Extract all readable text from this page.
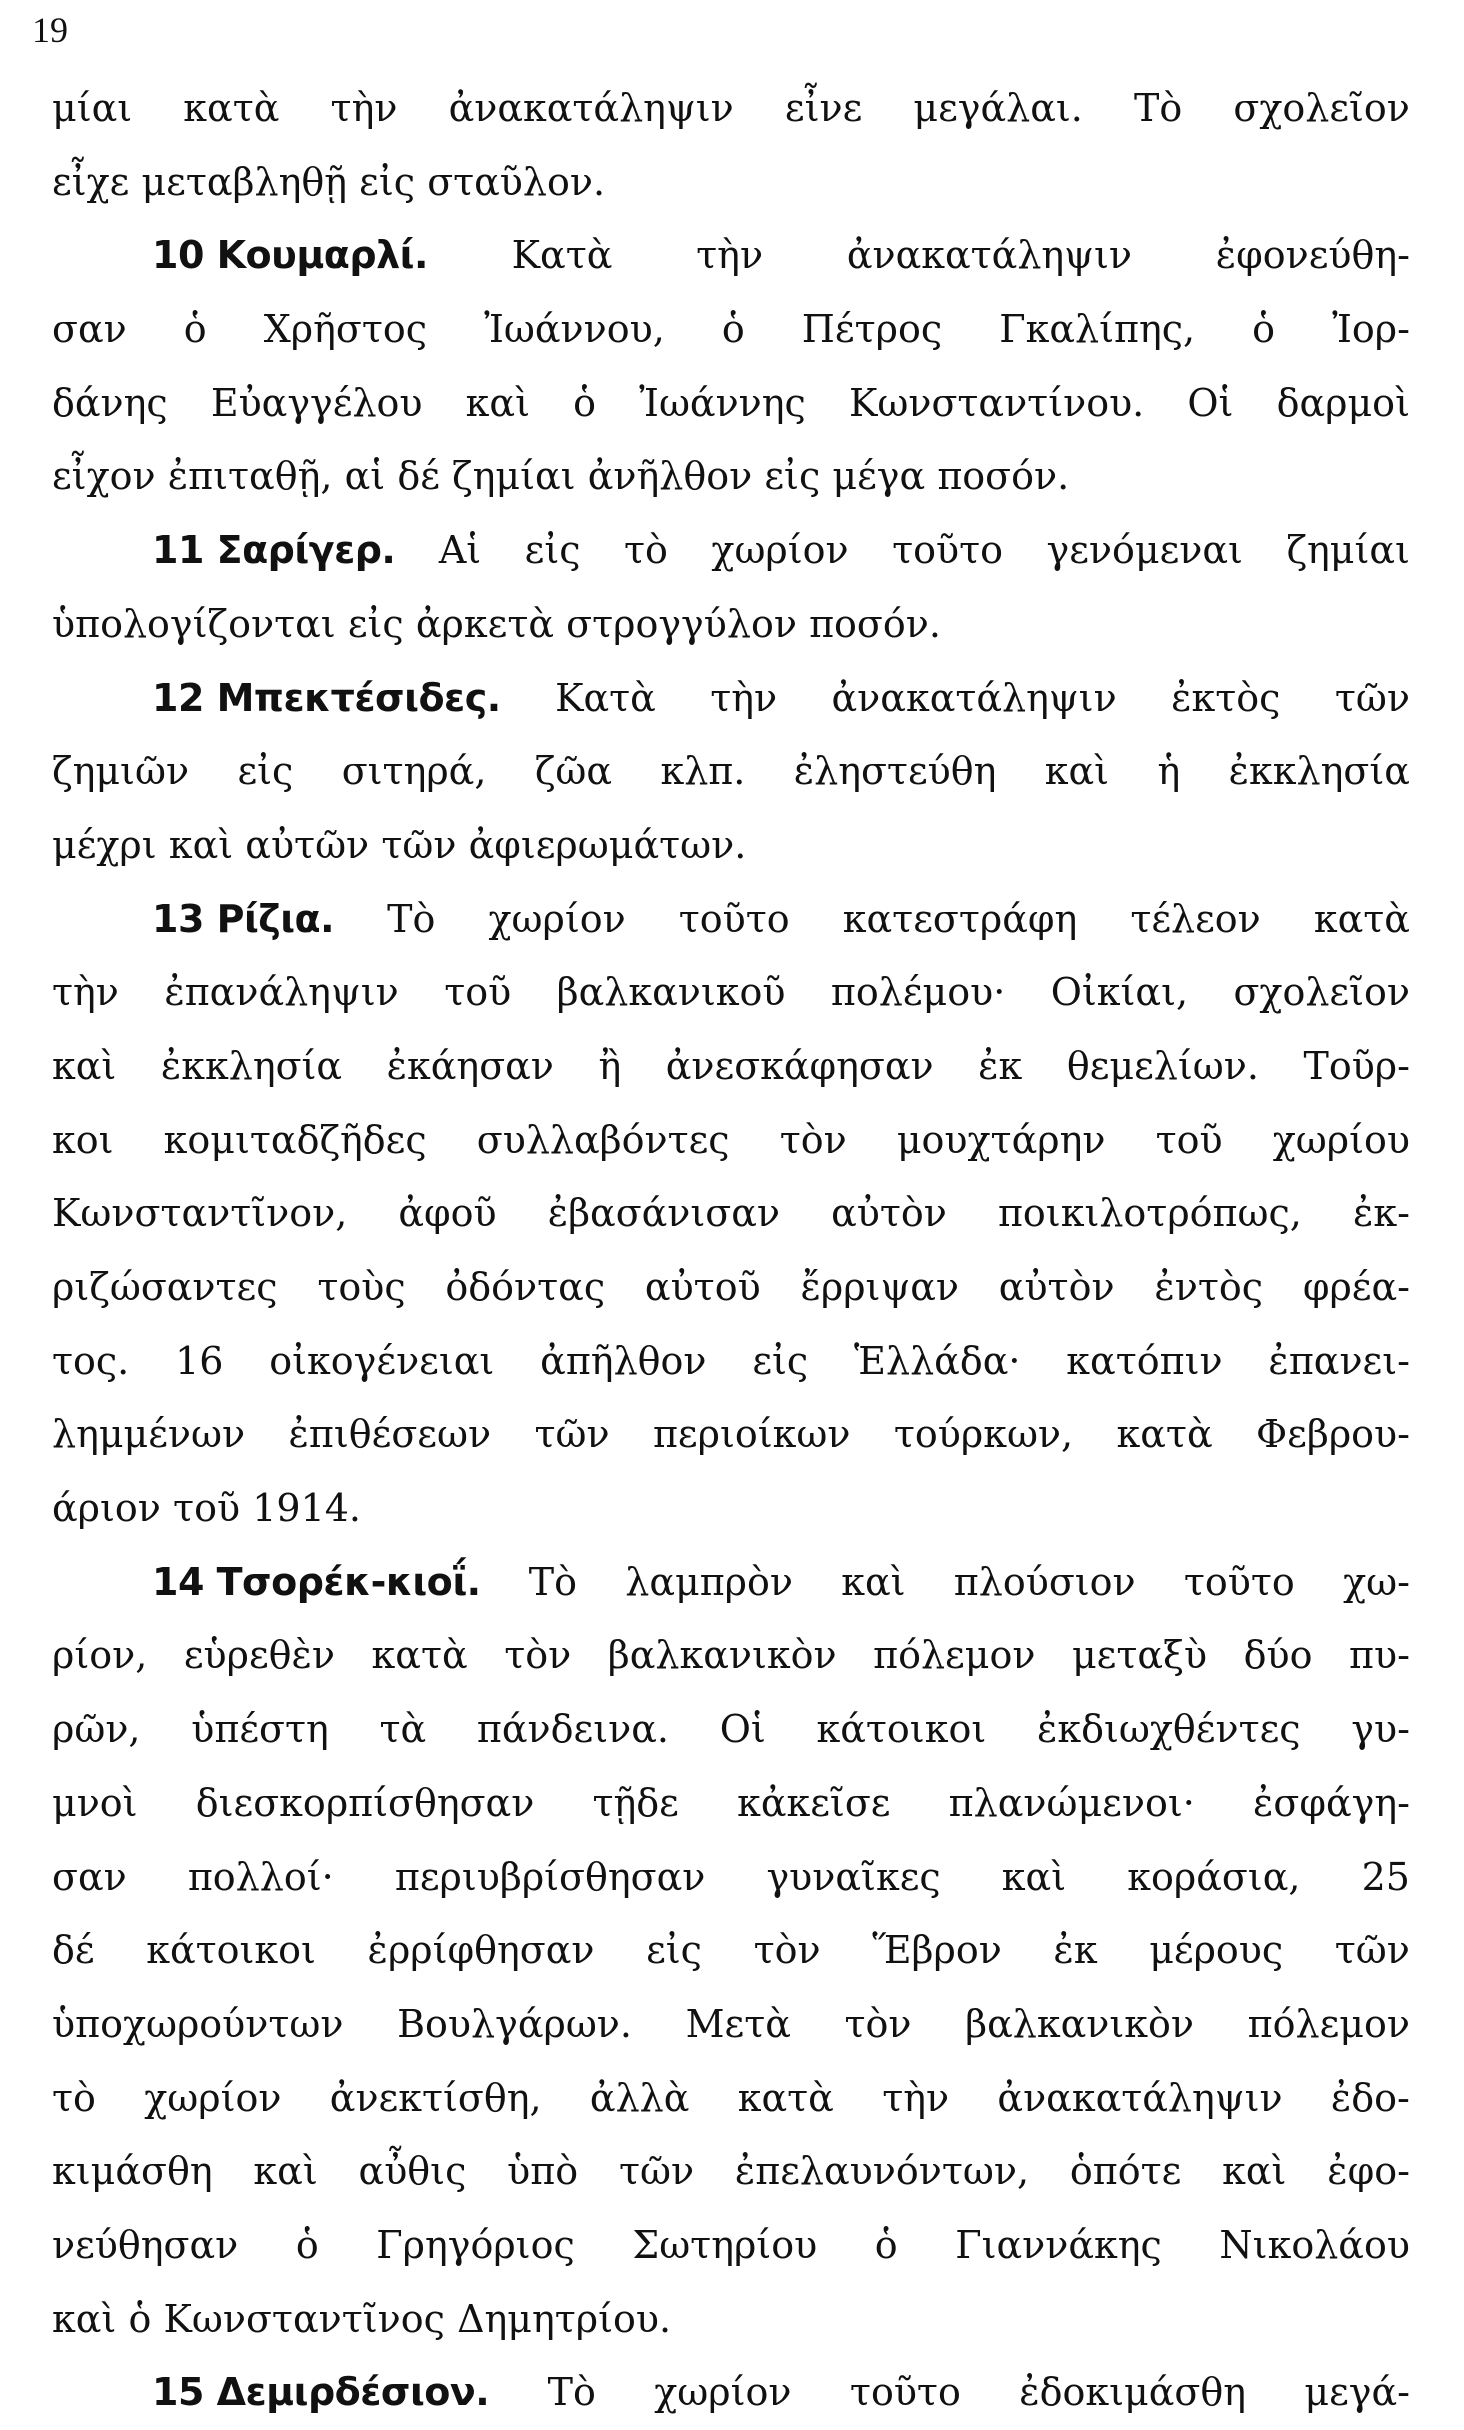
19
μίαι κατὰ τὴν ἀνακατάληψιν εἶνε μεγάλαι. Τὸ σχολεῖον
εἶχε μεταβληθῇ εἰς σταῦλον.
10 Κουμαρλί. Κατὰ τὴν ἀνακατάληψιν ἐφονεύθη-
σαν ὁ Χρῆστος Ἰωάννου, ὁ Πέτρος Γκαλίπης, ὁ Ἰορ-
δάνης Εὐαγγέλου καὶ ὁ Ἰωάννης Κωνσταντίνου. Οἱ δαρμοὶ
εἶχον ἐπιταθῇ, αἱ δέ ζημίαι ἀνῆλθον εἰς μέγα ποσόν.
11 Σαρίγερ. Αἱ εἰς τὸ χωρίον τοῦτο γενόμεναι ζημίαι
ὑπολογίζονται εἰς ἀρκετὰ στρογγύλον ποσόν.
12 Μπεκτέσιδες. Κατὰ τὴν ἀνακατάληψιν ἐκτὸς τῶν
ζημιῶν εἰς σιτηρά, ζῶα κλπ. ἐληστεύθη καὶ ἡ ἐκκλησία
μέχρι καὶ αὐτῶν τῶν ἀφιερωμάτων.
13 Ρίζια. Τὸ χωρίον τοῦτο κατεστράφη τέλεον κατὰ
τὴν ἐπανάληψιν τοῦ βαλκανικοῦ πολέμου· Οἰκίαι, σχολεῖον
καὶ ἐκκλησία ἐκάησαν ἢ ἀνεσκάφησαν ἐκ θεμελίων. Τοῦρ-
κοι κομιταδζῆδες συλλαβόντες τὸν μουχτάρην τοῦ χωρίου
Κωνσταντῖνον, ἀφοῦ ἐβασάνισαν αὐτὸν ποικιλοτρόπως, ἐκ-
ριζώσαντες τοὺς ὀδόντας αὐτοῦ ἔρριψαν αὐτὸν ἐντὸς φρέα-
τος. 16 οἰκογένειαι ἀπῆλθον εἰς Ἑλλάδα· κατόπιν ἐπανει-
λημμένων ἐπιθέσεων τῶν περιοίκων τούρκων, κατὰ Φεβρου-
άριον τοῦ 1914.
14 Τσορέκ-κιοΐ. Τὸ λαμπρὸν καὶ πλούσιον τοῦτο χω-
ρίον, εὑρεθὲν κατὰ τὸν βαλκανικὸν πόλεμον μεταξὺ δύο πυ-
ρῶν, ὑπέστη τὰ πάνδεινα. Οἱ κάτοικοι ἐκδιωχθέντες γυ-
μνοὶ διεσκορπίσθησαν τῇδε κἀκεῖσε πλανώμενοι· ἐσφάγη-
σαν πολλοί· περιυβρίσθησαν γυναῖκες καὶ κοράσια, 25
δέ κάτοικοι ἐρρίφθησαν εἰς τὸν Ἕβρον ἐκ μέρους τῶν
ὑποχωρούντων Βουλγάρων. Μετὰ τὸν βαλκανικὸν πόλεμον
τὸ χωρίον ἀνεκτίσθη, ἀλλὰ κατὰ τὴν ἀνακατάληψιν ἐδο-
κιμάσθη καὶ αὖθις ὑπὸ τῶν ἐπελαυνόντων, ὁπότε καὶ ἐφο-
νεύθησαν ὁ Γρηγόριος Σωτηρίου ὁ Γιαννάκης Νικολάου
καὶ ὁ Κωνσταντῖνος Δημητρίου.
15 Δεμιρδέσιον. Τὸ χωρίον τοῦτο ἐδοκιμάσθη μεγά-
